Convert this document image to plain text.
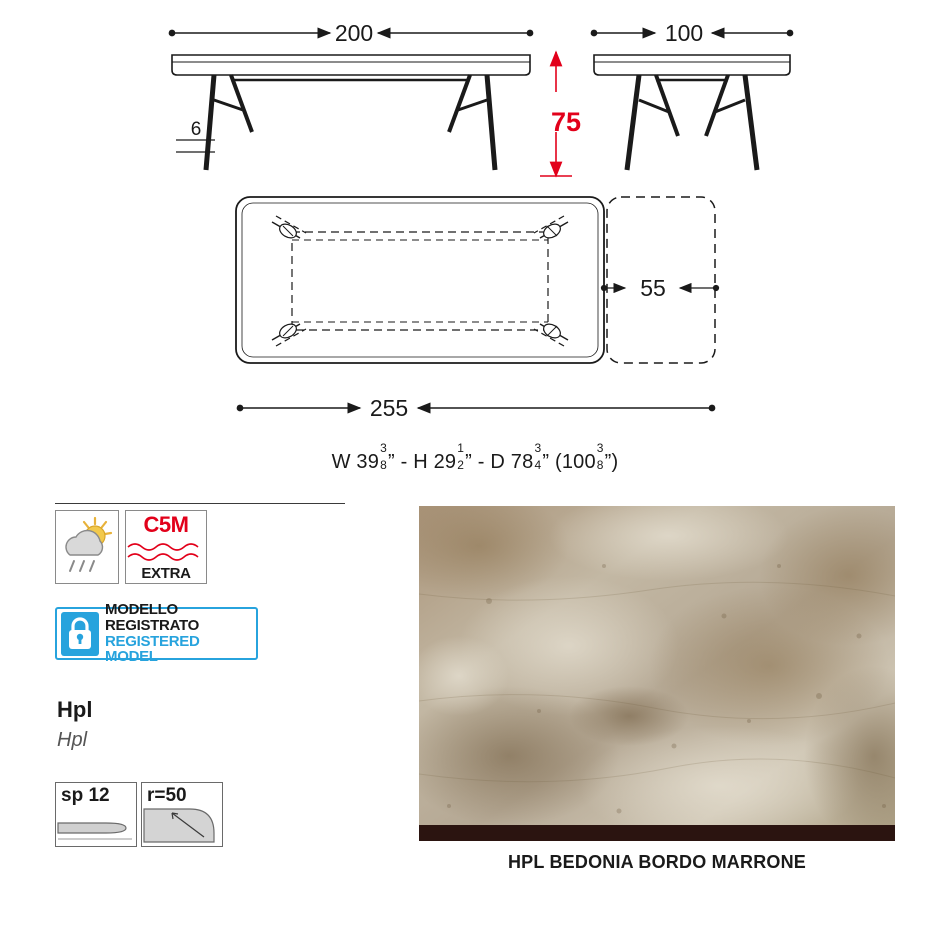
200
6
100
75
55
255
W 39
3
8 ” - H 29
1
2 ” - D 78
3
4 ” (100
3
8 ”)
C5M
EXTRA
MODELLO REGISTRATO
REGISTERED MODEL
Hpl
Hpl
sp 12 r=50
HPL BEDONIA BORDO MARRONE
